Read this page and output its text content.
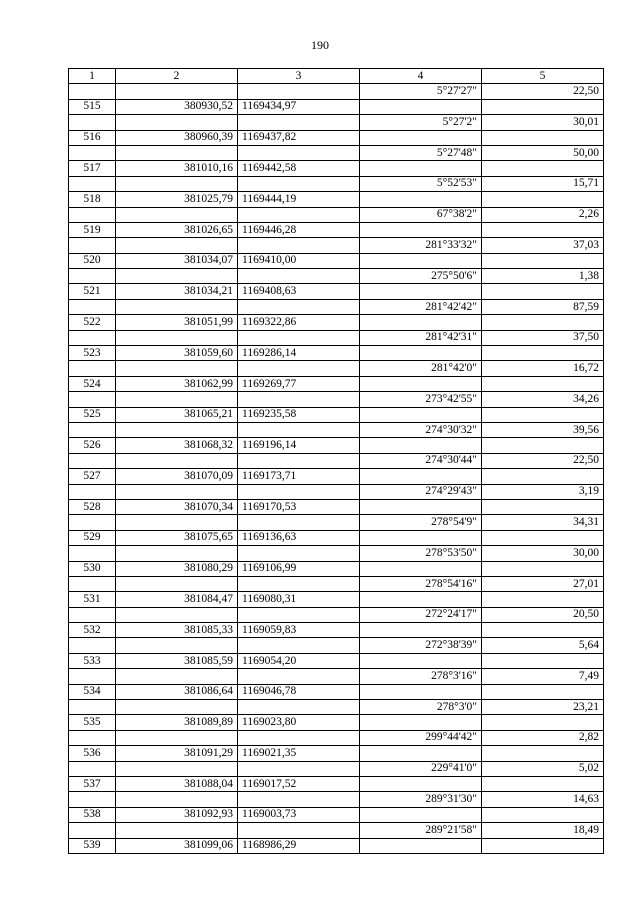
190
1	2	3	4	5
			5°27'27"	22,50
515	380930,52	1169434,97		
			5°27'2"	30,01
516	380960,39	1169437,82		
			5°27'48"	50,00
517	381010,16	1169442,58		
			5°52'53"	15,71
518	381025,79	1169444,19		
			67°38'2"	2,26
519	381026,65	1169446,28		
			281°33'32"	37,03
520	381034,07	1169410,00		
			275°50'6"	1,38
521	381034,21	1169408,63		
			281°42'42"	87,59
522	381051,99	1169322,86		
			281°42'31"	37,50
523	381059,60	1169286,14		
			281°42'0"	16,72
524	381062,99	1169269,77		
			273°42'55"	34,26
525	381065,21	1169235,58		
			274°30'32"	39,56
526	381068,32	1169196,14		
			274°30'44"	22,50
527	381070,09	1169173,71		
			274°29'43"	3,19
528	381070,34	1169170,53		
			278°54'9"	34,31
529	381075,65	1169136,63		
			278°53'50"	30,00
530	381080,29	1169106,99		
			278°54'16"	27,01
531	381084,47	1169080,31		
			272°24'17"	20,50
532	381085,33	1169059,83		
			272°38'39"	5,64
533	381085,59	1169054,20		
			278°3'16"	7,49
534	381086,64	1169046,78		
			278°3'0"	23,21
535	381089,89	1169023,80		
			299°44'42"	2,82
536	381091,29	1169021,35		
			229°41'0"	5,02
537	381088,04	1169017,52		
			289°31'30"	14,63
538	381092,93	1169003,73		
			289°21'58"	18,49
539	381099,06	1168986,29		
